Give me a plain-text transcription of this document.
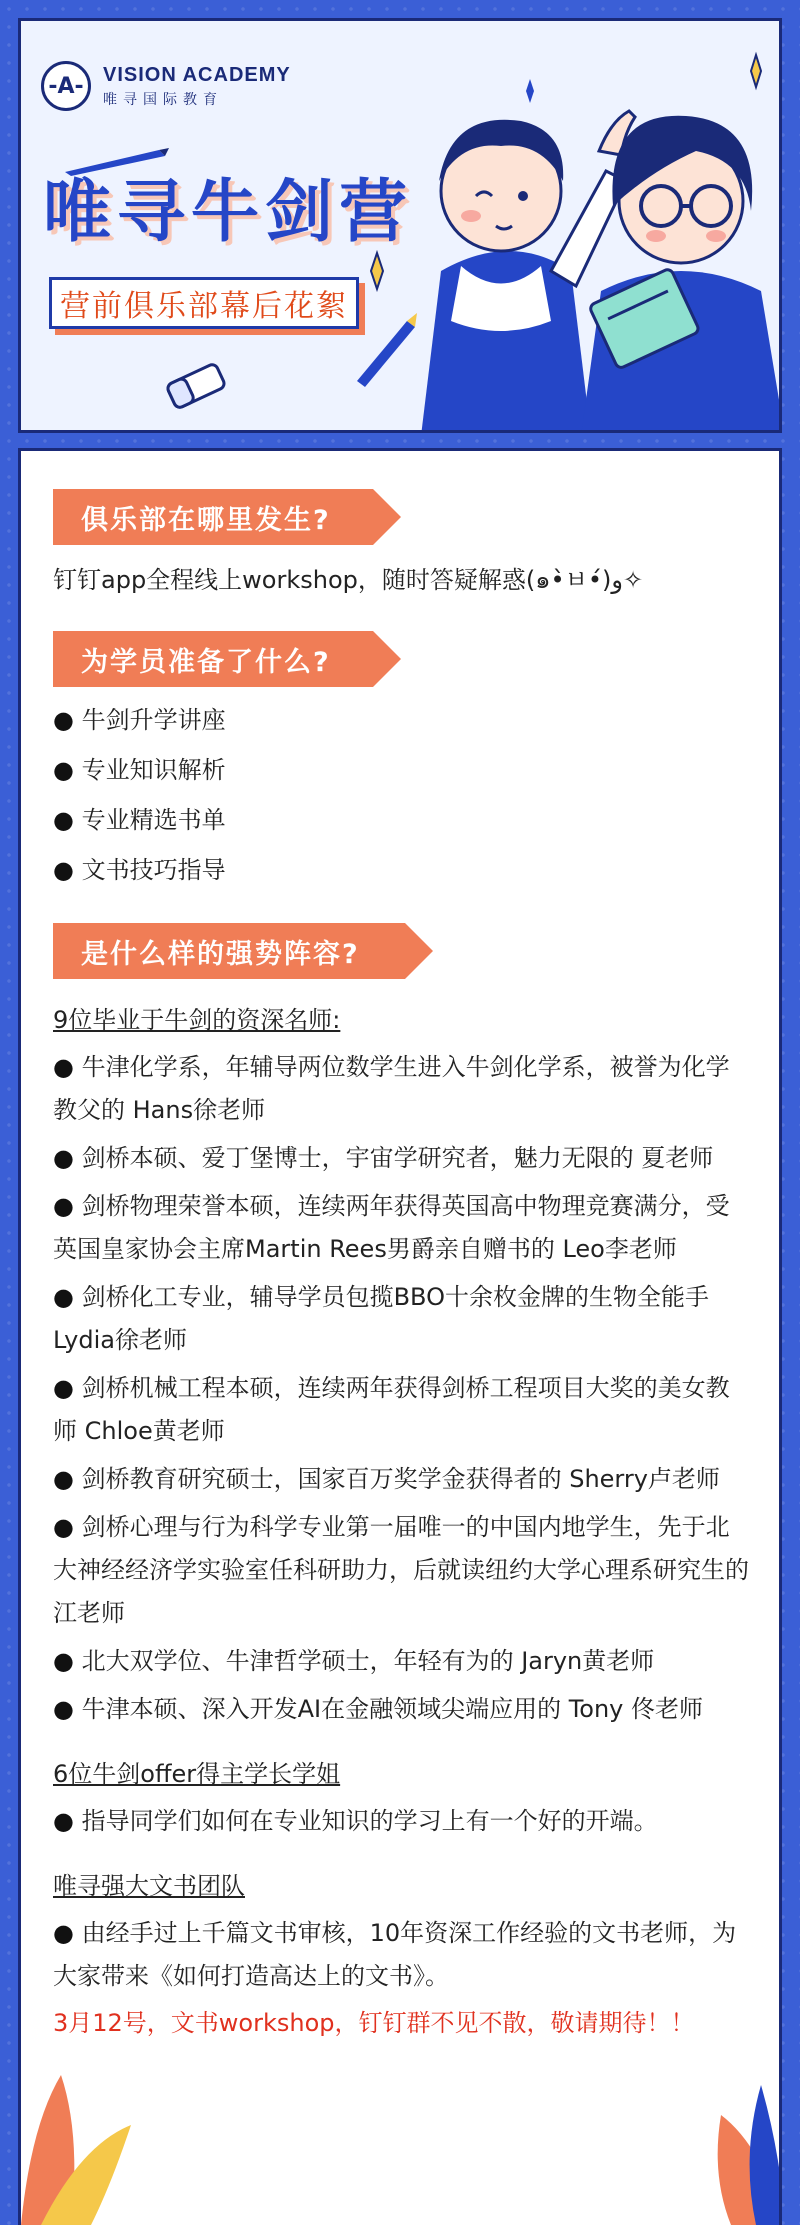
-A- VISION ACADEMY
唯寻国际教育
唯寻牛剑营
营前俱乐部幕后花絮
俱乐部在哪里发生?
钉钉app全程线上workshop，随时答疑解惑(๑•̀ㅂ•́)و✧
为学员准备了什么?
● 牛剑升学讲座
● 专业知识解析
● 专业精选书单
● 文书技巧指导
是什么样的强势阵容?
9位毕业于牛剑的资深名师:
● 牛津化学系，年辅导两位数学生进入牛剑化学系，被誉为化学教父的 Hans徐老师
● 剑桥本硕、爱丁堡博士，宇宙学研究者，魅力无限的 夏老师
● 剑桥物理荣誉本硕，连续两年获得英国高中物理竞赛满分，受英国皇家协会主席Martin Rees男爵亲自赠书的 Leo李老师
● 剑桥化工专业，辅导学员包揽BBO十余枚金牌的生物全能手 Lydia徐老师
● 剑桥机械工程本硕，连续两年获得剑桥工程项目大奖的美女教师 Chloe黄老师
● 剑桥教育研究硕士，国家百万奖学金获得者的 Sherry卢老师
● 剑桥心理与行为科学专业第一届唯一的中国内地学生，先于北大神经经济学实验室任科研助力，后就读纽约大学心理系研究生的 江老师
● 北大双学位、牛津哲学硕士，年轻有为的 Jaryn黄老师
● 牛津本硕、深入开发AI在金融领域尖端应用的 Tony 佟老师
6位牛剑offer得主学长学姐
● 指导同学们如何在专业知识的学习上有一个好的开端。
唯寻强大文书团队
● 由经手过上千篇文书审核，10年资深工作经验的文书老师，为大家带来《如何打造高达上的文书》。
3月12号，文书workshop，钉钉群不见不散，敬请期待！！
